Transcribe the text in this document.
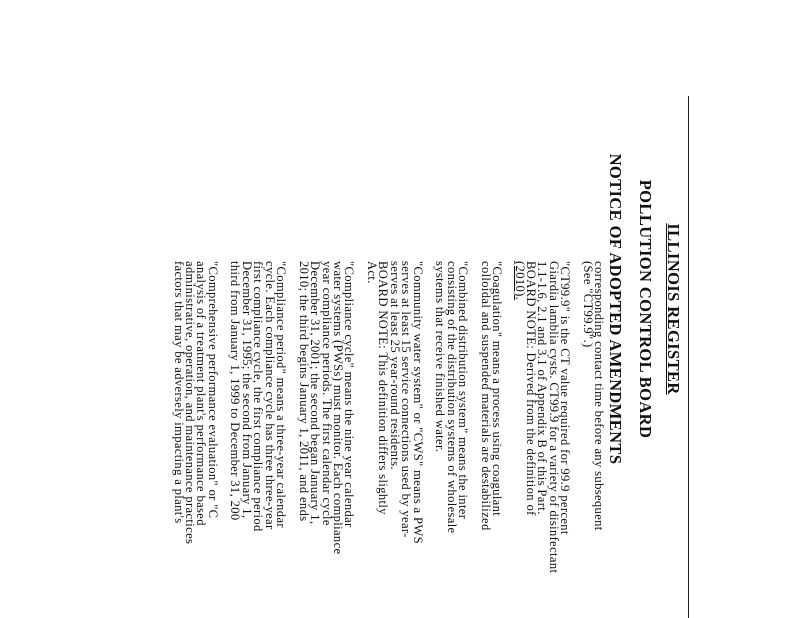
ILLINOIS REGISTER
POLLUTION CONTROL BOARD
NOTICE OF ADOPTED AMENDMENTS
corresponding contact time before any subsequent
(See "CT99.9".)
"CT99.9" is the CT value required for 99.9 percent
Giardia lamblia cysts. CT99.9 for a variety of disinfectant
1.1-1.6, 2.1 and 3.1 of Appendix B of this Part.
BOARD NOTE: Derived from the definition of
(2010).
"Coagulation" means a process using coagulant
colloidal and suspended materials are destabilized
"Combined distribution system" means the inter
consisting of the distribution systems of wholesale
systems that receive finished water.
"Community water system" or "CWS" means a PWS
serves at least 15 service connections used by year-
serves at least 25 year-round residents.
BOARD NOTE: This definition differs slightly
Act.
"Compliance cycle" means the nine year calendar
water systems (PWSs) must monitor. Each compliance
year compliance periods. The first calendar cycle
December 31, 2001; the second began January 1,
2010; the third begins January 1, 2011, and ends
"Compliance period" means a three-year calendar
cycle. Each compliance cycle has three three-year
first compliance cycle, the first compliance period
December 31, 1995; the second from January 1,
third from January 1, 1999 to December 31, 200
"Comprehensive performance evaluation" or "C
analysis of a treatment plant's performance based
administrative, operation, and maintenance practices
factors that may be adversely impacting a plant's
